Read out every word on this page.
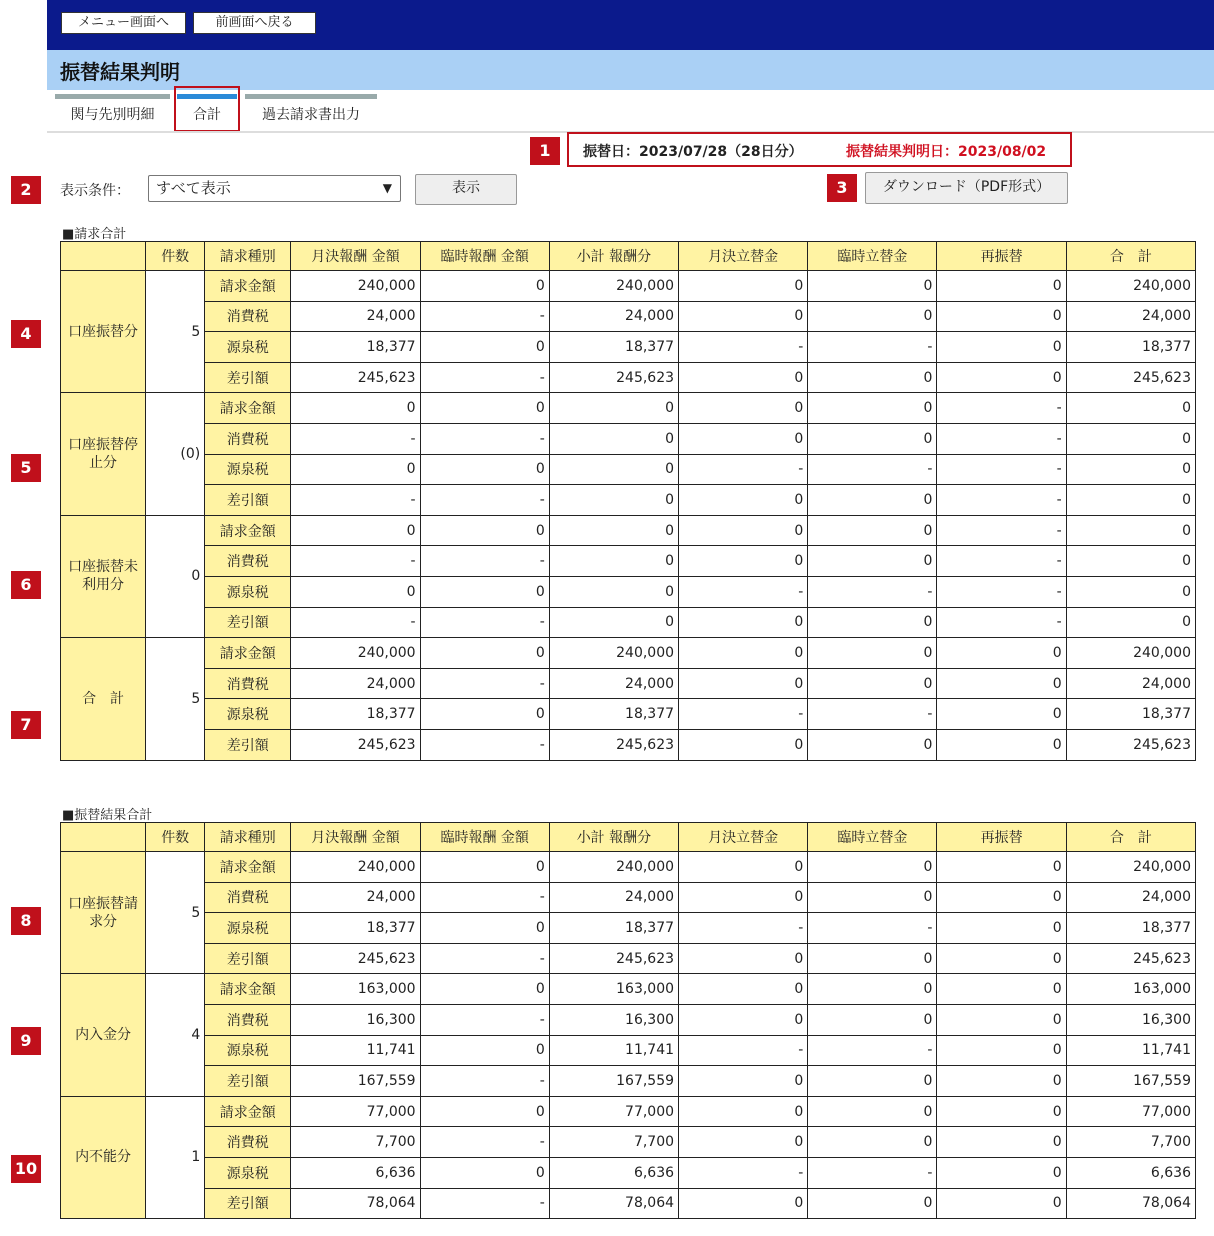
メニュー画面へ	前画面へ戻る
振替結果判明
関与先別明細	合計	過去請求書出力
1	振替日：2023/07/28（28日分）	振替結果判明日：2023/08/02
2	表示条件：	すべて表示	▼	表示	3	ダウンロード（PDF形式）
■請求合計
	件数	請求種別	月決報酬 金額	臨時報酬 金額	小計 報酬分	月決立替金	臨時立替金	再振替	合　計
口座振替分	5	請求金額	240,000	0	240,000	0	0	0	240,000
		消費税	24,000	-	24,000	0	0	0	24,000
		源泉税	18,377	0	18,377	-	-	0	18,377
		差引額	245,623	-	245,623	0	0	0	245,623
口座振替停止分	(0)	請求金額	0	0	0	0	0	-	0
		消費税	-	-	0	0	0	-	0
		源泉税	0	0	0	-	-	-	0
		差引額	-	-	0	0	0	-	0
口座振替未利用分	0	請求金額	0	0	0	0	0	-	0
		消費税	-	-	0	0	0	-	0
		源泉税	0	0	0	-	-	-	0
		差引額	-	-	0	0	0	-	0
合　計	5	請求金額	240,000	0	240,000	0	0	0	240,000
		消費税	24,000	-	24,000	0	0	0	24,000
		源泉税	18,377	0	18,377	-	-	0	18,377
		差引額	245,623	-	245,623	0	0	0	245,623
■振替結果合計
	件数	請求種別	月決報酬 金額	臨時報酬 金額	小計 報酬分	月決立替金	臨時立替金	再振替	合　計
口座振替請求分	5	請求金額	240,000	0	240,000	0	0	0	240,000
		消費税	24,000	-	24,000	0	0	0	24,000
		源泉税	18,377	0	18,377	-	-	0	18,377
		差引額	245,623	-	245,623	0	0	0	245,623
内入金分	4	請求金額	163,000	0	163,000	0	0	0	163,000
		消費税	16,300	-	16,300	0	0	0	16,300
		源泉税	11,741	0	11,741	-	-	0	11,741
		差引額	167,559	-	167,559	0	0	0	167,559
内不能分	1	請求金額	77,000	0	77,000	0	0	0	77,000
		消費税	7,700	-	7,700	0	0	0	7,700
		源泉税	6,636	0	6,636	-	-	0	6,636
		差引額	78,064	-	78,064	0	0	0	78,064
4
5
6
7
8
9
10
